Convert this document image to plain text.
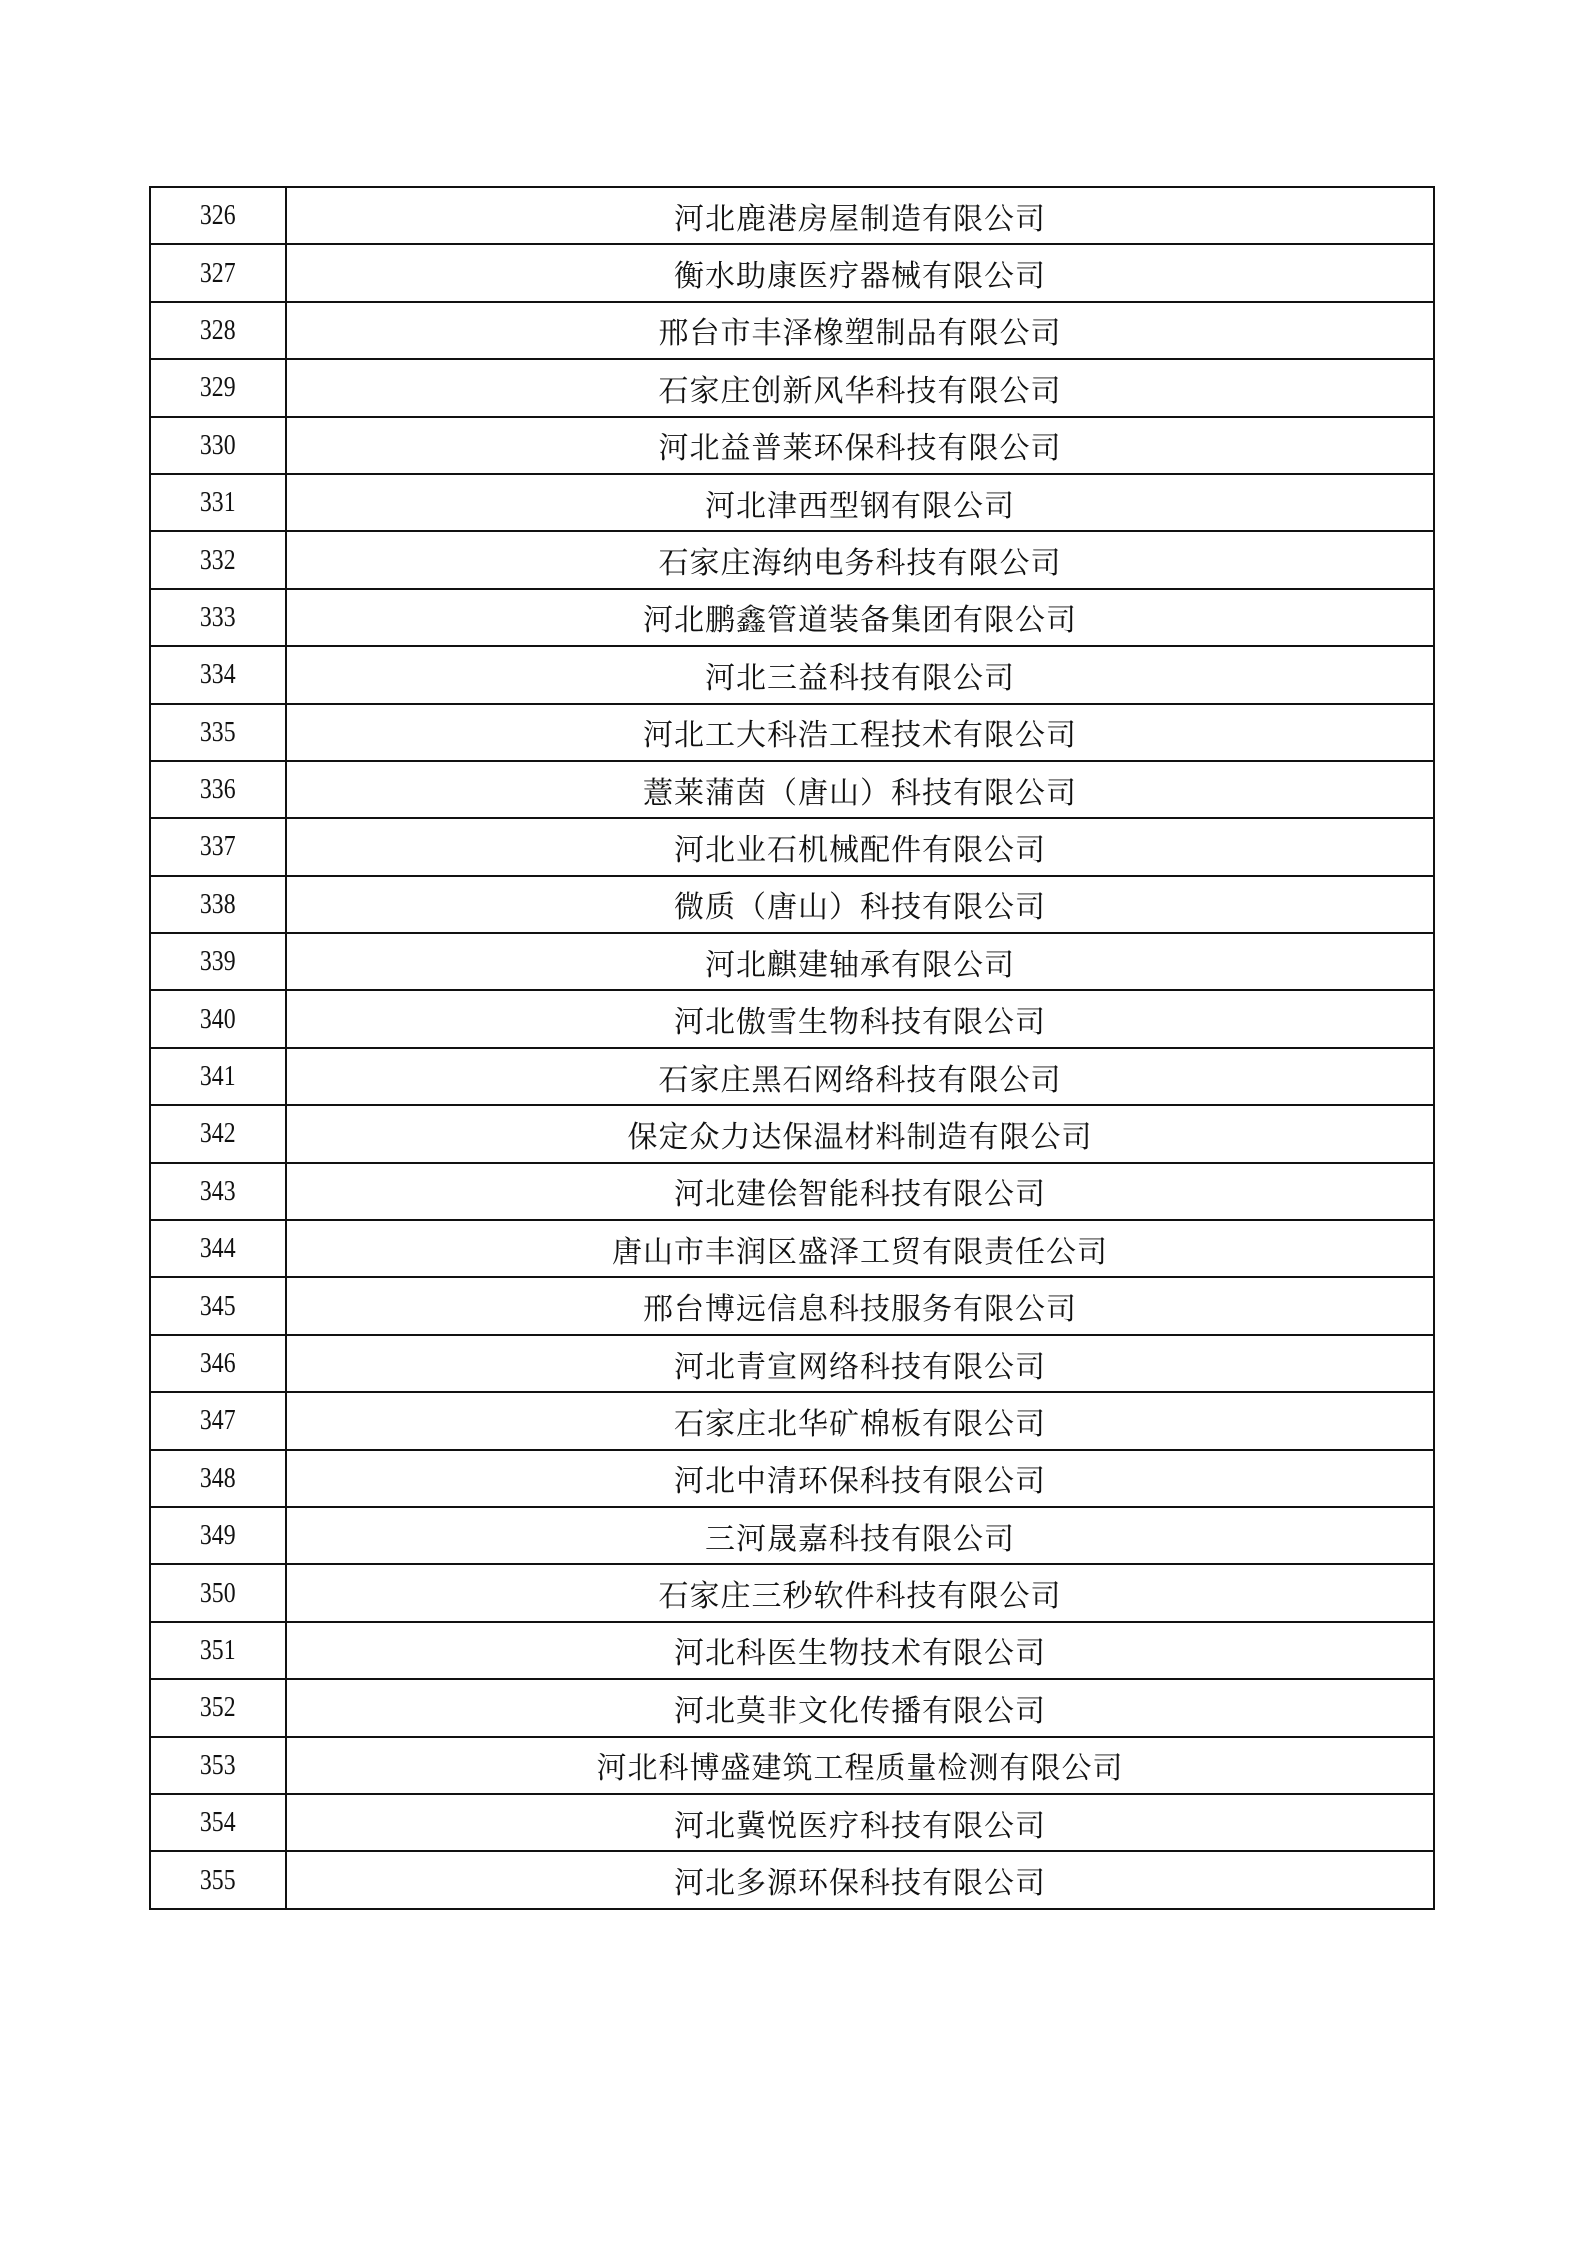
326	河北鹿港房屋制造有限公司
327	衡水助康医疗器械有限公司
328	邢台市丰泽橡塑制品有限公司
329	石家庄创新风华科技有限公司
330	河北益普莱环保科技有限公司
331	河北津西型钢有限公司
332	石家庄海纳电务科技有限公司
333	河北鹏鑫管道装备集团有限公司
334	河北三益科技有限公司
335	河北工大科浩工程技术有限公司
336	薏莱蒲茵（唐山）科技有限公司
337	河北业石机械配件有限公司
338	微质（唐山）科技有限公司
339	河北麒建轴承有限公司
340	河北傲雪生物科技有限公司
341	石家庄黑石网络科技有限公司
342	保定众力达保温材料制造有限公司
343	河北建侩智能科技有限公司
344	唐山市丰润区盛泽工贸有限责任公司
345	邢台博远信息科技服务有限公司
346	河北青宣网络科技有限公司
347	石家庄北华矿棉板有限公司
348	河北中清环保科技有限公司
349	三河晟嘉科技有限公司
350	石家庄三秒软件科技有限公司
351	河北科医生物技术有限公司
352	河北莫非文化传播有限公司
353	河北科博盛建筑工程质量检测有限公司
354	河北冀悦医疗科技有限公司
355	河北多源环保科技有限公司
